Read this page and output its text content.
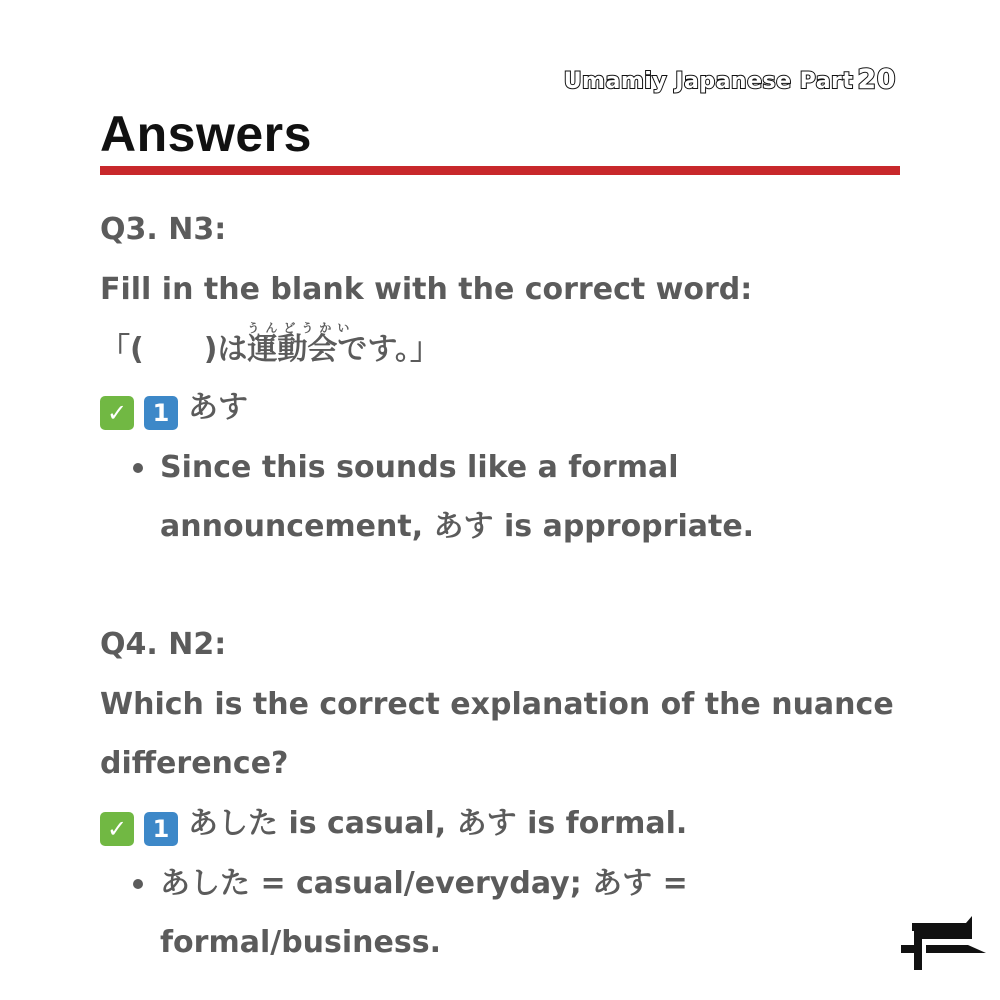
Umamiy Japanese Part 20
Answers
Q3. N3:
Fill in the blank with the correct word:
「(　　)は
うんどうかい
運動会です。」
✓ 1 あす
Since this sounds like a formal
announcement, あす is appropriate.
Q4. N2:
Which is the correct explanation of the nuance
difference?
✓ 1 あした is casual, あす is formal.
あした = casual/everyday; あす =
formal/business.
